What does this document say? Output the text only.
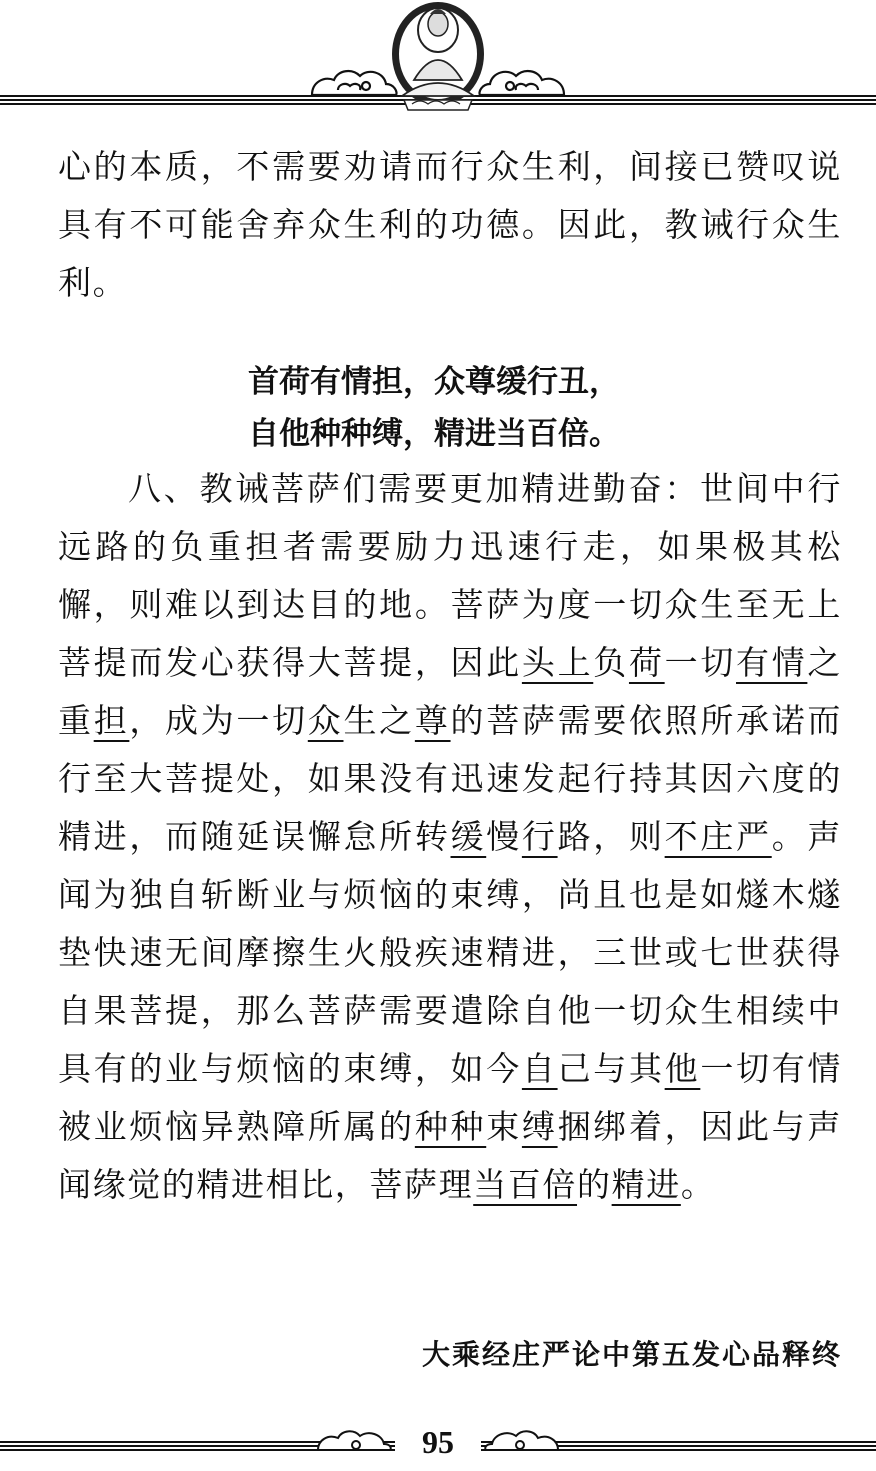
心的本质，不需要劝请而行众生利，间接已赞叹说具有不可能舍弃众生利的功德。因此，教诫行众生利。

首荷有情担，众尊缓行丑，

自他种种缚，精进当百倍。

八、教诫菩萨们需要更加精进勤奋：世间中行远路的负重担者需要励力迅速行走，如果极其松懈，则难以到达目的地。菩萨为度一切众生至无上菩提而发心获得大菩提，因此头上负荷一切有情之重担，成为一切众生之尊的菩萨需要依照所承诺而行至大菩提处，如果没有迅速发起行持其因六度的精进，而随延误懈怠所转缓慢行路，则不庄严。声闻为独自斩断业与烦恼的束缚，尚且也是如燧木燧垫快速无间摩擦生火般疾速精进，三世或七世获得自果菩提，那么菩萨需要遣除自他一切众生相续中具有的业与烦恼的束缚，如今自己与其他一切有情被业烦恼异熟障所属的种种束缚捆绑着，因此与声闻缘觉的精进相比，菩萨理当百倍的精进。

大乘经庄严论中第五发心品释终
95
